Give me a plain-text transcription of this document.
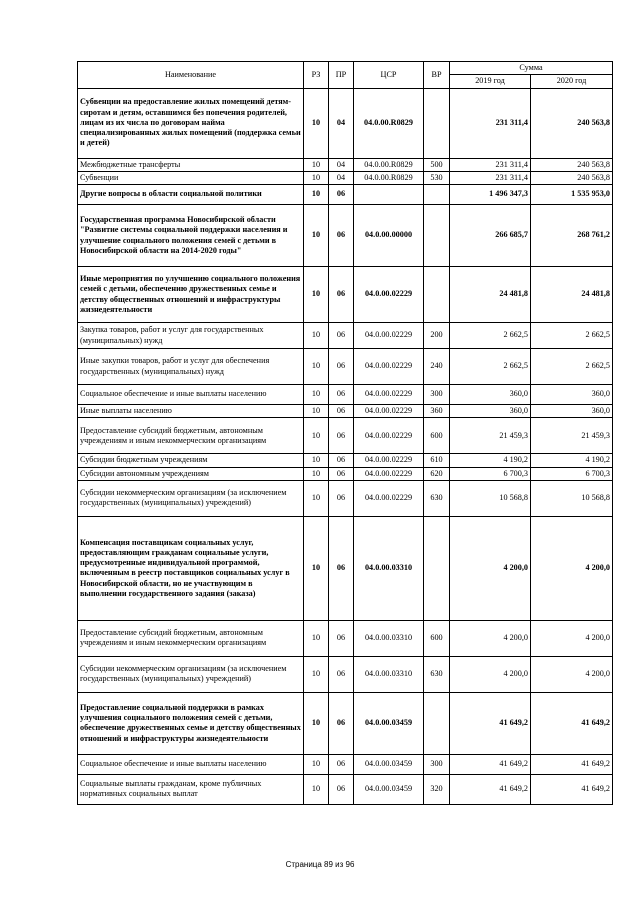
Наименование	РЗ	ПР	ЦСР	ВР	Сумма	
					2019 год	2020 год
Субвенции на предоставление жилых помещений детям-сиротам и детям, оставшимся без попечения родителей, лицам из их числа по договорам найма специализированных жилых помещений (поддержка семьи и детей)	10	04	04.0.00.R0829		231 311,4	240 563,8
Межбюджетные трансферты	10	04	04.0.00.R0829	500	231 311,4	240 563,8
Субвенции	10	04	04.0.00.R0829	530	231 311,4	240 563,8
Другие вопросы в области социальной политики	10	06			1 496 347,3	1 535 953,0
Государственная программа Новосибирской области "Развитие системы социальной поддержки населения и улучшение социального положения семей с детьми в Новосибирской области на 2014-2020 годы"	10	06	04.0.00.00000		266 685,7	268 761,2
Иные мероприятия по улучшению социального положения семей с детьми, обеспечению дружественных семье и детству общественных отношений и инфраструктуры жизнедеятельности	10	06	04.0.00.02229		24 481,8	24 481,8
Закупка товаров, работ и услуг для государственных (муниципальных) нужд	10	06	04.0.00.02229	200	2 662,5	2 662,5
Иные закупки товаров, работ и услуг для обеспечения государственных (муниципальных) нужд	10	06	04.0.00.02229	240	2 662,5	2 662,5
Социальное обеспечение и иные выплаты населению	10	06	04.0.00.02229	300	360,0	360,0
Иные выплаты населению	10	06	04.0.00.02229	360	360,0	360,0
Предоставление субсидий бюджетным, автономным учреждениям и иным некоммерческим организациям	10	06	04.0.00.02229	600	21 459,3	21 459,3
Субсидии бюджетным учреждениям	10	06	04.0.00.02229	610	4 190,2	4 190,2
Субсидии автономным учреждениям	10	06	04.0.00.02229	620	6 700,3	6 700,3
Субсидии некоммерческим организациям (за исключением государственных (муниципальных) учреждений)	10	06	04.0.00.02229	630	10 568,8	10 568,8
Компенсация поставщикам социальных услуг, предоставляющим гражданам социальные услуги, предусмотренные индивидуальной программой, включенным в реестр поставщиков социальных услуг в Новосибирской области, но не участвующим в выполнении государственного задания (заказа)	10	06	04.0.00.03310		4 200,0	4 200,0
Предоставление субсидий бюджетным, автономным учреждениям и иным некоммерческим организациям	10	06	04.0.00.03310	600	4 200,0	4 200,0
Субсидии некоммерческим организациям (за исключением государственных (муниципальных) учреждений)	10	06	04.0.00.03310	630	4 200,0	4 200,0
Предоставление социальной поддержки в рамках улучшения социального положения семей с детьми, обеспечение дружественных семье и детству общественных отношений и инфраструктуры жизнедеятельности	10	06	04.0.00.03459		41 649,2	41 649,2
Социальное обеспечение и иные выплаты населению	10	06	04.0.00.03459	300	41 649,2	41 649,2
Социальные выплаты гражданам, кроме публичных нормативных социальных выплат	10	06	04.0.00.03459	320	41 649,2	41 649,2
Страница 89 из 96
